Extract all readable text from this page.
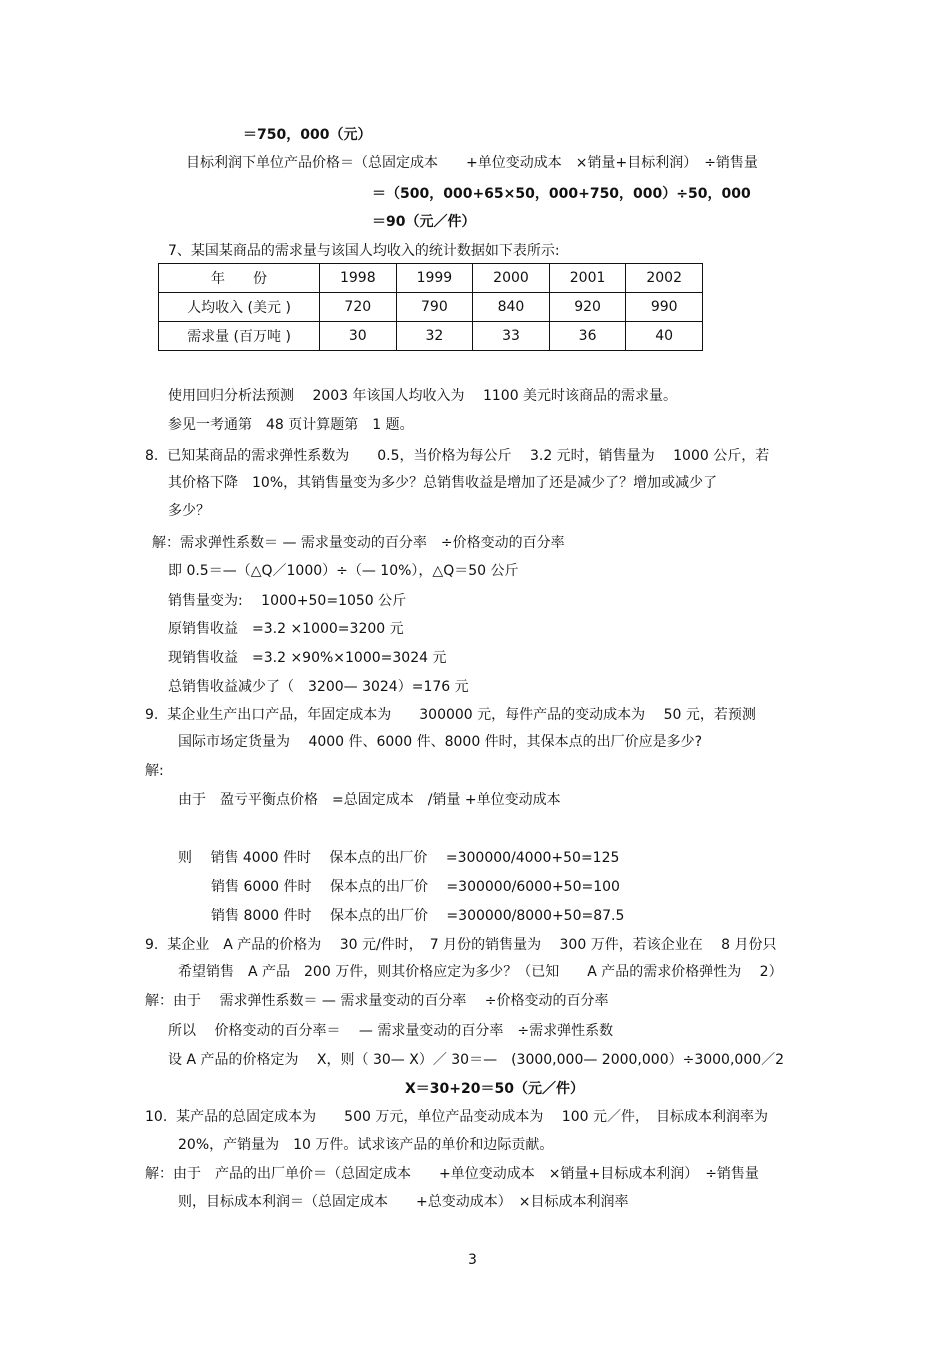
＝750，000（元）
目标利润下单位产品价格＝（总固定成本　　+单位变动成本　×销量+目标利润）　÷销售量
＝（500，000+65×50，000+750，000）÷50，000
＝90（元／件）
7、某国某商品的需求量与该国人均收入的统计数据如下表所示:
年　　份	1998	1999	2000	2001	2002
人均收入 (美元 )	720	790	840	920	990
需求量 (百万吨 )	30	32	33	36	40
使用回归分析法预测　 2003 年该国人均收入为　 1100 美元时该商品的需求量。
参见一考通第　48 页计算题第　1 题。
8.  已知某商品的需求弹性系数为　　0.5，当价格为每公斤　 3.2 元时，销售量为　 1000 公斤，若
其价格下降　10%，其销售量变为多少？总销售收益是增加了还是减少了？增加或减少了
多少？
解：需求弹性系数＝ — 需求量变动的百分率　÷价格变动的百分率
即 0.5＝—（△Q／1000）÷（— 10%），△Q＝50 公斤
销售量变为:　 1000+50=1050 公斤
原销售收益　=3.2 ×1000=3200 元
现销售收益　=3.2 ×90%×1000=3024 元
总销售收益减少了（　3200— 3024）=176 元
9.  某企业生产出口产品，年固定成本为　　300000 元，每件产品的变动成本为　 50 元，若预测
国际市场定货量为　 4000 件、6000 件、8000 件时，其保本点的出厂价应是多少?
解:
由于　盈亏平衡点价格　=总固定成本　/销量 +单位变动成本
则　 销售 4000 件时　 保本点的出厂价　 =300000/4000+50=125
销售 6000 件时　 保本点的出厂价　 =300000/6000+50=100
销售 8000 件时　 保本点的出厂价　 =300000/8000+50=87.5
9.  某企业　A 产品的价格为　 30 元/件时，　7 月份的销售量为　 300 万件，若该企业在　 8 月份只
希望销售　A 产品　200 万件，则其价格应定为多少？（已知　　A 产品的需求价格弹性为　 2）
解：由于　 需求弹性系数＝ — 需求量变动的百分率　 ÷价格变动的百分率
所以　 价格变动的百分率＝　 — 需求量变动的百分率　÷需求弹性系数
设 A 产品的价格定为　 X，则（ 30— X）／ 30＝—　(3000,000— 2000,000）÷3000,000／2
X＝30+20＝50（元／件）
10.  某产品的总固定成本为　　500 万元，单位产品变动成本为　 100 元／件，　目标成本利润率为
20%，产销量为　10 万件。试求该产品的单价和边际贡献。
解：由于　产品的出厂单价＝（总固定成本　　+单位变动成本　×销量+目标成本利润）　÷销售量
则，目标成本利润＝（总固定成本　　+总变动成本）　×目标成本利润率
3
